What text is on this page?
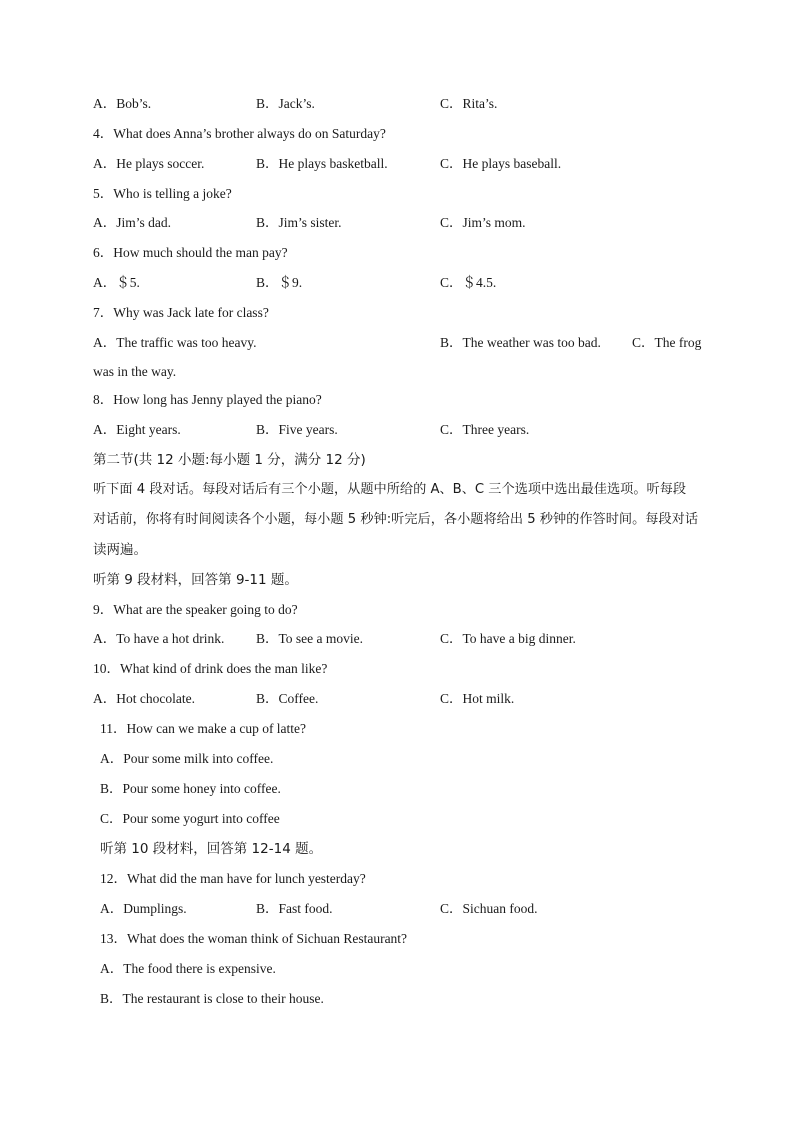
A．Bob’s.	B．Jack’s.	C．Rita’s.
4．What does Anna’s brother always do on Saturday?
A．He plays soccer.	B．He plays basketball.	C．He plays baseball.
5．Who is telling a joke?
A．Jim’s dad.	B．Jim’s sister.	C．Jim’s mom.
6．How much should the man pay?
A．＄5.	B．＄9.	C．＄4.5.
7．Why was Jack late for class?
A．The traffic was too heavy.	B．The weather was too bad. C．The frog
was in the way.
8．How long has Jenny played the piano?
A．Eight years.	B．Five years.	C．Three years.
第二节(共 12 小题:每小题 1 分，满分 12 分)
听下面 4 段对话。每段对话后有三个小题，从题中所给的 A、B、C 三个选项中选出最佳选项。听每段
对话前，你将有时间阅读各个小题，每小题 5 秒钟:听完后，各小题将给出 5 秒钟的作答时间。每段对话
读两遍。
听第 9 段材料，回答第 9-11 题。
9．What are the speaker going to do?
A．To have a hot drink. B．To see a movie.	C．To have a big dinner.
10．What kind of drink does the man like?
A．Hot chocolate.	B．Coffee.	C．Hot milk.
11．How can we make a cup of latte?
A．Pour some milk into coffee.
B．Pour some honey into coffee.
C．Pour some yogurt into coffee
听第 10 段材料，回答第 12-14 题。
12．What did the man have for lunch yesterday?
A．Dumplings.	B．Fast food.	C．Sichuan food.
13．What does the woman think of Sichuan Restaurant?
A．The food there is expensive.
B．The restaurant is close to their house.
